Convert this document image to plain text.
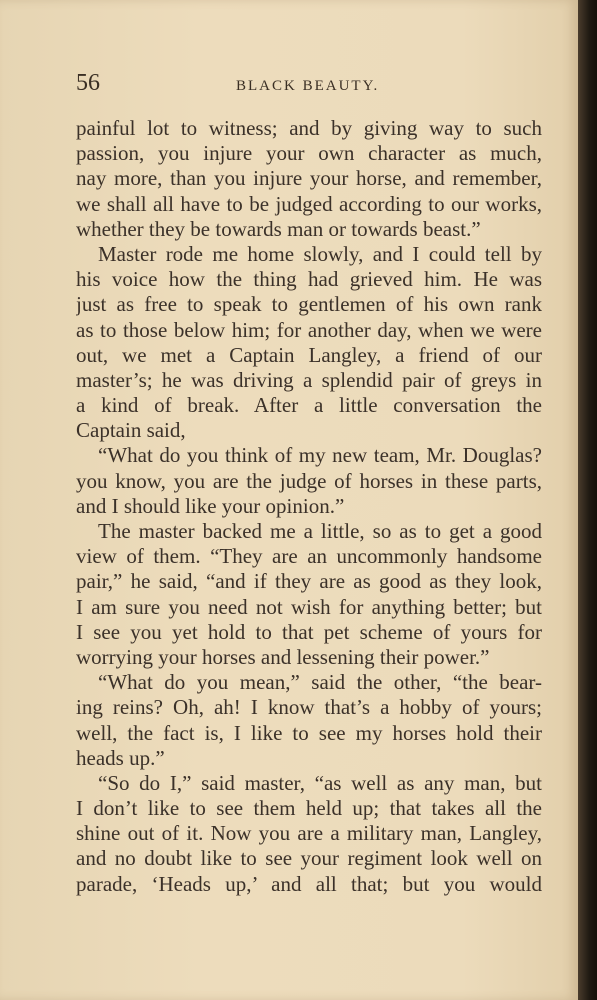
56	BLACK BEAUTY.
painful lot to witness; and by giving way to such
passion, you injure your own character as much,
nay more, than you injure your horse, and remember,
we shall all have to be judged according to our works,
whether they be towards man or towards beast.”
Master rode me home slowly, and I could tell by
his voice how the thing had grieved him. He was
just as free to speak to gentlemen of his own rank
as to those below him; for another day, when we were
out, we met a Captain Langley, a friend of our
master’s; he was driving a splendid pair of greys in
a kind of break. After a little conversation the
Captain said,
“What do you think of my new team, Mr. Douglas?
you know, you are the judge of horses in these parts,
and I should like your opinion.”
The master backed me a little, so as to get a good
view of them. “They are an uncommonly handsome
pair,” he said, “and if they are as good as they look,
I am sure you need not wish for anything better; but
I see you yet hold to that pet scheme of yours for
worrying your horses and lessening their power.”
“What do you mean,” said the other, “the bear-
ing reins? Oh, ah! I know that’s a hobby of yours;
well, the fact is, I like to see my horses hold their
heads up.”
“So do I,” said master, “as well as any man, but
I don’t like to see them held up; that takes all the
shine out of it. Now you are a military man, Langley,
and no doubt like to see your regiment look well on
parade, ‘Heads up,’ and all that; but you would
